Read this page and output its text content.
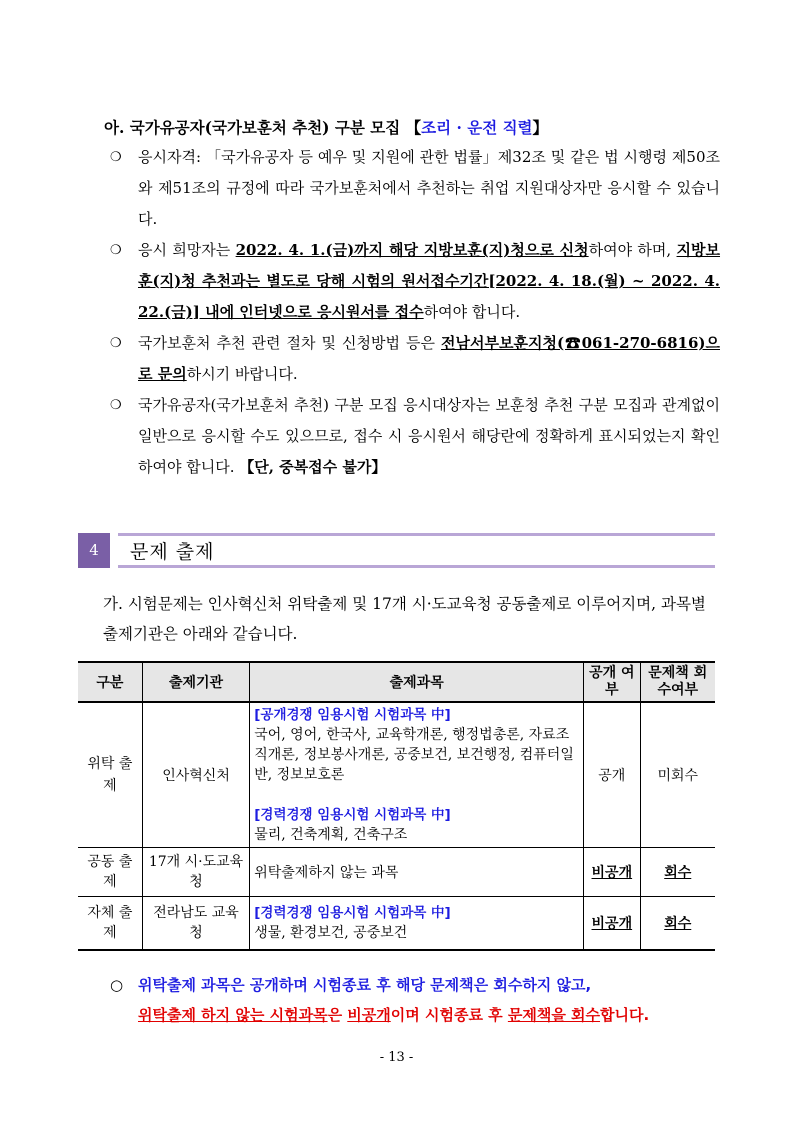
아. 국가유공자(국가보훈처 추천) 구분 모집 【조리 · 운전 직렬】
❍ 응시자격: 「국가유공자 등 예우 및 지원에 관한 법률」제32조 및 같은 법 시행령 제50조와 제51조의 규정에 따라 국가보훈처에서 추천하는 취업 지원대상자만 응시할 수 있습니다.
❍ 응시 희망자는 2022. 4. 1.(금)까지 해당 지방보훈(지)청으로 신청하여야 하며, 지방보훈(지)청 추천과는 별도로 당해 시험의 원서접수기간[2022. 4. 18.(월) ~ 2022. 4. 22.(금)] 내에 인터넷으로 응시원서를 접수하여야 합니다.
❍ 국가보훈처 추천 관련 절차 및 신청방법 등은 전남서부보훈지청(☎061-270-6816)으로 문의하시기 바랍니다.
❍ 국가유공자(국가보훈처 추천) 구분 모집 응시대상자는 보훈청 추천 구분 모집과 관계없이 일반으로 응시할 수도 있으므로, 접수 시 응시원서 해당란에 정확하게 표시되었는지 확인하여야 합니다. 【단, 중복접수 불가】
4	문제 출제
가. 시험문제는 인사혁신처 위탁출제 및 17개 시·도교육청 공동출제로 이루어지며, 과목별 출제기관은 아래와 같습니다.
구분	출제기관	출제과목	공개 여부	문제책 회수여부
위탁 출제	인사혁신처	[공개경쟁 임용시험 시험과목 中]
국어, 영어, 한국사, 교육학개론, 행정법총론, 자료조직개론, 정보봉사개론, 공중보건, 보건행정, 컴퓨터일반, 정보보호론
[경력경쟁 임용시험 시험과목 中]
물리, 건축계획, 건축구조	공개	미회수
공동 출제	17개 시·도교육청	위탁출제하지 않는 과목	비공개	회수
자체 출제	전라남도 교육청	[경력경쟁 임용시험 시험과목 中]
생물, 환경보건, 공중보건	비공개	회수
○ 위탁출제 과목은 공개하며 시험종료 후 해당 문제책은 회수하지 않고,
위탁출제 하지 않는 시험과목은 비공개이며 시험종료 후 문제책을 회수합니다.
- 13 -
